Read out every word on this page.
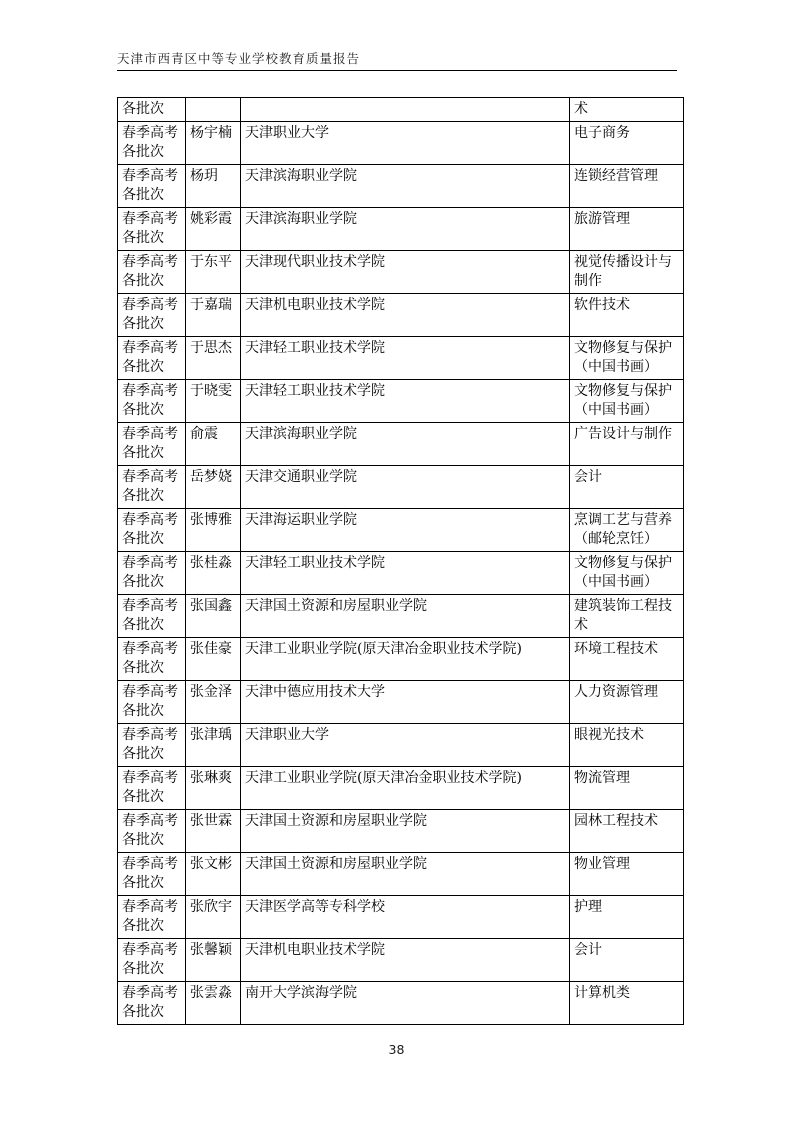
天津市西青区中等专业学校教育质量报告
各批次			术
春季高考各批次	杨宇楠	天津职业大学	电子商务
春季高考各批次	杨玥	天津滨海职业学院	连锁经营管理
春季高考各批次	姚彩霞	天津滨海职业学院	旅游管理
春季高考各批次	于东平	天津现代职业技术学院	视觉传播设计与制作
春季高考各批次	于嘉瑞	天津机电职业技术学院	软件技术
春季高考各批次	于思杰	天津轻工职业技术学院	文物修复与保护（中国书画）
春季高考各批次	于晓雯	天津轻工职业技术学院	文物修复与保护（中国书画）
春季高考各批次	俞震	天津滨海职业学院	广告设计与制作
春季高考各批次	岳梦娆	天津交通职业学院	会计
春季高考各批次	张博雅	天津海运职业学院	烹调工艺与营养（邮轮烹饪）
春季高考各批次	张桂淼	天津轻工职业技术学院	文物修复与保护（中国书画）
春季高考各批次	张国鑫	天津国土资源和房屋职业学院	建筑装饰工程技术
春季高考各批次	张佳豪	天津工业职业学院(原天津冶金职业技术学院)	环境工程技术
春季高考各批次	张金泽	天津中德应用技术大学	人力资源管理
春季高考各批次	张津瑀	天津职业大学	眼视光技术
春季高考各批次	张琳爽	天津工业职业学院(原天津冶金职业技术学院)	物流管理
春季高考各批次	张世霖	天津国土资源和房屋职业学院	园林工程技术
春季高考各批次	张文彬	天津国土资源和房屋职业学院	物业管理
春季高考各批次	张欣宇	天津医学高等专科学校	护理
春季高考各批次	张馨颖	天津机电职业技术学院	会计
春季高考各批次	张雲淼	南开大学滨海学院	计算机类
38
